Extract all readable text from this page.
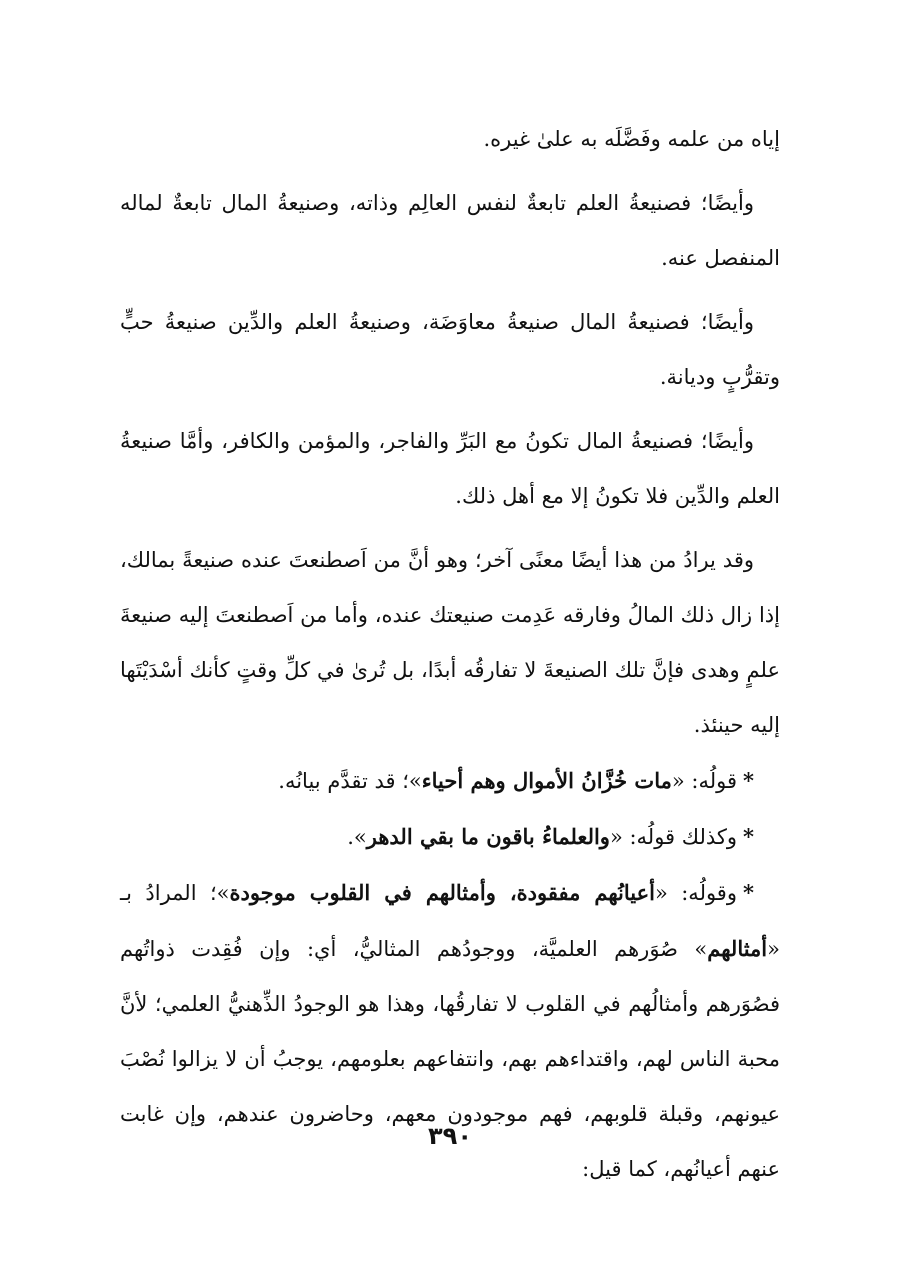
إياه من علمه وفَضَّلَه به علىٰ غيره.

وأيضًا؛ فصنيعةُ العلم تابعةٌ لنفس العالِم وذاته، وصنيعةُ المال تابعةٌ لماله المنفصل عنه.

وأيضًا؛ فصنيعةُ المال صنيعةُ معاوَضَة، وصنيعةُ العلم والدِّين صنيعةُ حبٍّ وتقرُّبٍ وديانة.

وأيضًا؛ فصنيعةُ المال تكونُ مع البَرِّ والفاجر، والمؤمن والكافر، وأمَّا صنيعةُ العلم والدِّين فلا تكونُ إلا مع أهل ذلك.

وقد يرادُ من هذا أيضًا معنًى آخر؛ وهو أنَّ من اَصطنعتَ عنده صنيعةً بمالك، إذا زال ذلك المالُ وفارقه عَدِمت صنيعتك عنده، وأما من اَصطنعتَ إليه صنيعةَ علمٍ وهدى فإنَّ تلك الصنيعةَ لا تفارقُه أبدًا، بل تُرىٰ في كلِّ وقتٍ كأنك أسْدَيْتَها إليه حينئذ.

*قولُه: «مات خُزَّانُ الأموال وهم أحياء»؛ قد تقدَّم بيانُه.

*وكذلك قولُه: «والعلماءُ باقون ما بقي الدهر».

*وقولُه: «أعيانُهم مفقودة، وأمثالهم في القلوب موجودة»؛ المرادُ بـ «أمثالهم» صُوَرهم العلميَّة، ووجودُهم المثاليُّ، أي: وإن فُقِدت ذواتُهم فصُوَرهم وأمثالُهم في القلوب لا تفارقُها، وهذا هو الوجودُ الذِّهنيُّ العلمي؛ لأنَّ محبة الناس لهم، واقتداءهم بهم، وانتفاعهم بعلومهم، يوجبُ أن لا يزالوا نُصْبَ عيونهم، وقبلة قلوبهم، فهم موجودون معهم، وحاضرون عندهم، وإن غابت عنهم أعيانُهم، كما قيل:

٣٩٠
